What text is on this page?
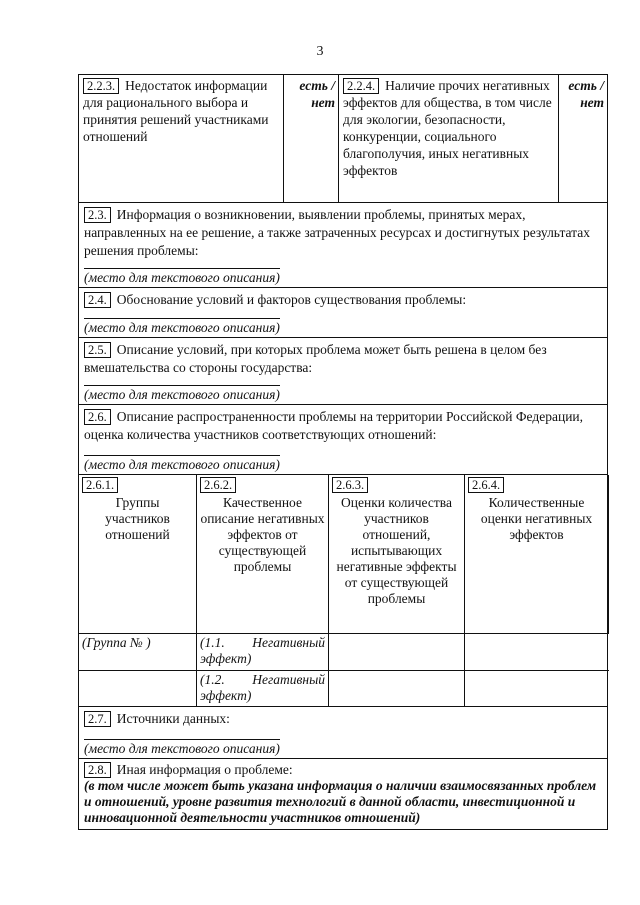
3
2.2.3. Недостаток информации для рационального выбора и принятия решений участниками отношений
есть / нет
2.2.4. Наличие прочих негативных эффектов для общества, в том числе для экологии, безопасности, конкуренции, социального благополучия, иных негативных эффектов
есть / нет
2.3. Информация о возникновении, выявлении проблемы, принятых мерах, направленных на ее решение, а также затраченных ресурсах и достигнутых результатах решения проблемы:
(место для текстового описания)
2.4. Обоснование условий и факторов существования проблемы:
(место для текстового описания)
2.5. Описание условий, при которых проблема может быть решена в целом без вмешательства со стороны государства:
(место для текстового описания)
2.6. Описание распространенности проблемы на территории Российской Федерации, оценка количества участников соответствующих отношений:
(место для текстового описания)
2.6.1.
Группы участников отношений
2.6.2.
Качественное описание негативных эффектов от существующей проблемы
2.6.3.
Оценки количества участников отношений, испытывающих негативные эффекты от существующей проблемы
2.6.4.
Количественные оценки негативных эффектов
(Группа № )	(1.1. Негативный
эффект)
(1.2. Негативный
эффект)
2.7. Источники данных:
(место для текстового описания)
2.8. Иная информация о проблеме:
(в том числе может быть указана информация о наличии взаимосвязанных проблем и отношений, уровне развития технологий в данной области, инвестиционной и инновационной деятельности участников отношений)
